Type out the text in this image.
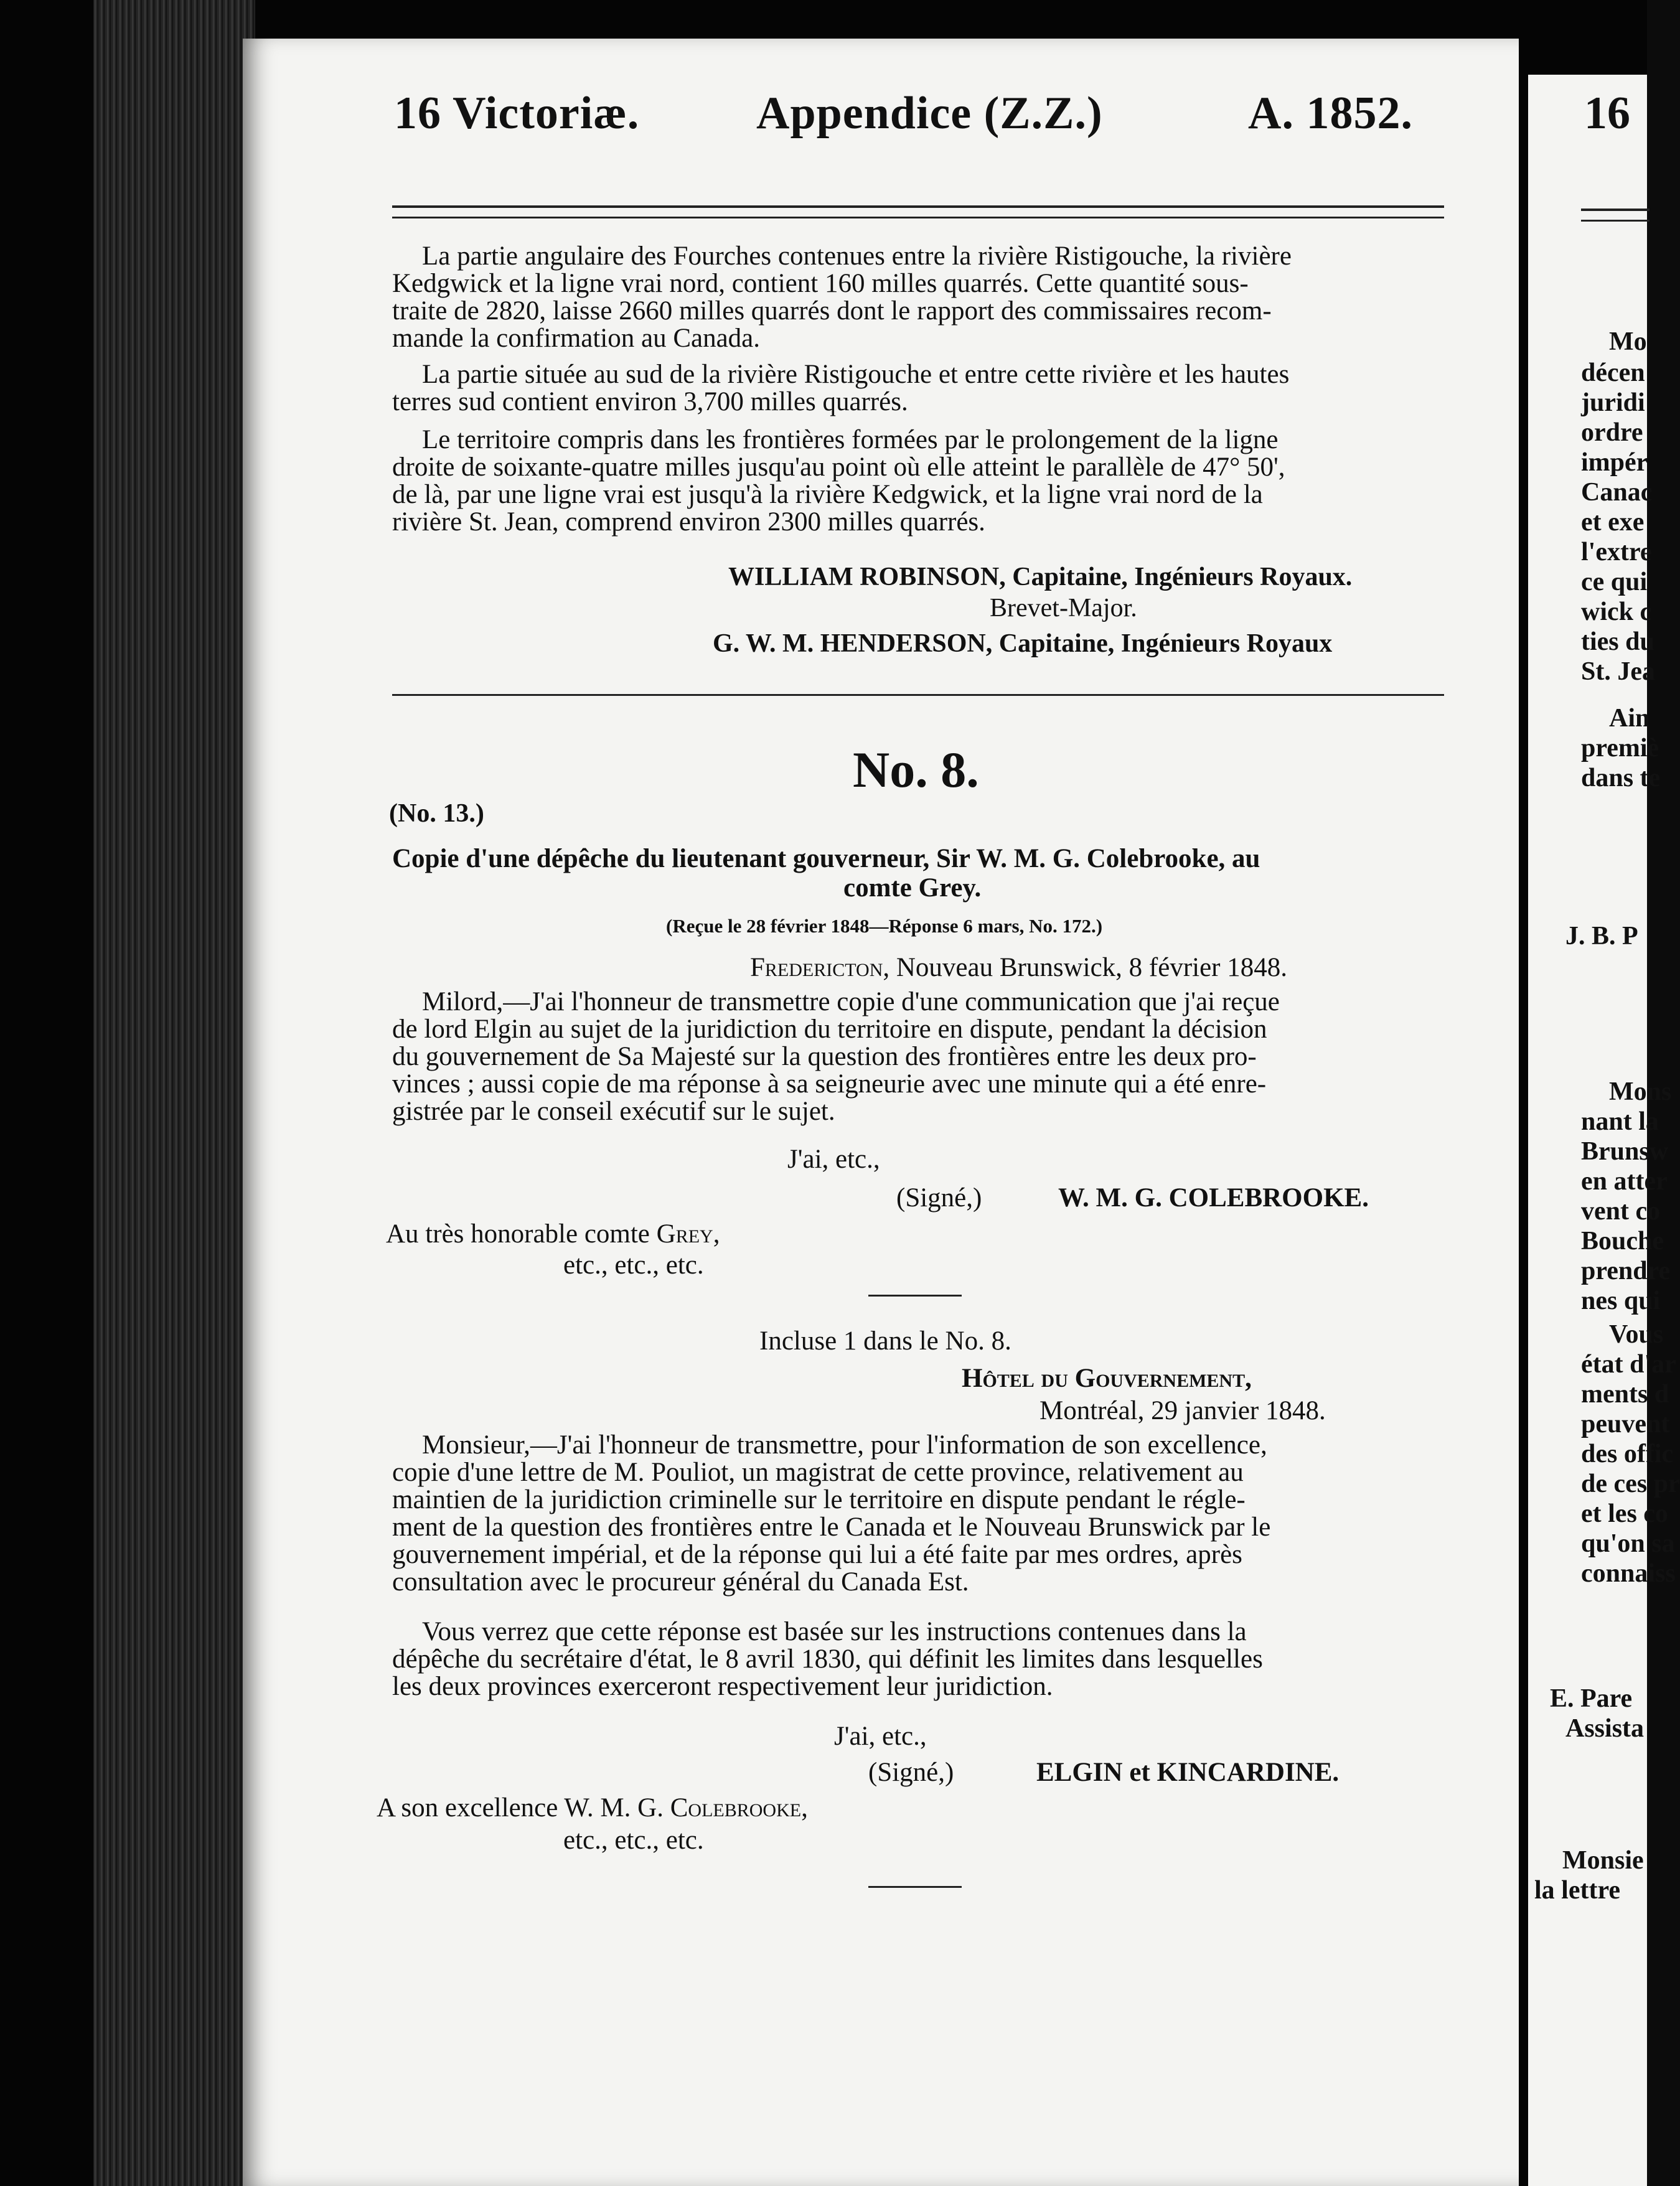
16 Victoriæ.	Appendice (Z.Z.)	A. 1852.
La partie angulaire des Fourches contenues entre la rivière Ristigouche, la rivière
Kedgwick et la ligne vrai nord, contient 160 milles quarrés. Cette quantité sous-
traite de 2820, laisse 2660 milles quarrés dont le rapport des commissaires recom-
mande la confirmation au Canada.
La partie située au sud de la rivière Ristigouche et entre cette rivière et les hautes
terres sud contient environ 3,700 milles quarrés.
Le territoire compris dans les frontières formées par le prolongement de la ligne
droite de soixante-quatre milles jusqu'au point où elle atteint le parallèle de 47° 50',
de là, par une ligne vrai est jusqu'à la rivière Kedgwick, et la ligne vrai nord de la
rivière St. Jean, comprend environ 2300 milles quarrés.
WILLIAM ROBINSON, Capitaine, Ingénieurs Royaux.
Brevet-Major.
G. W. M. HENDERSON, Capitaine, Ingénieurs Royaux
No. 8.
(No. 13.)
Copie d'une dépêche du lieutenant gouverneur, Sir W. M. G. Colebrooke, au
comte Grey.
(Reçue le 28 février 1848—Réponse 6 mars, No. 172.)
Fredericton, Nouveau Brunswick, 8 février 1848.
Milord,—J'ai l'honneur de transmettre copie d'une communication que j'ai reçue
de lord Elgin au sujet de la juridiction du territoire en dispute, pendant la décision
du gouvernement de Sa Majesté sur la question des frontières entre les deux pro-
vinces ; aussi copie de ma réponse à sa seigneurie avec une minute qui a été enre-
gistrée par le conseil exécutif sur le sujet.
J'ai, etc.,
(Signé,)	W. M. G. COLEBROOKE.
Au très honorable comte Grey,
etc., etc., etc.
Incluse 1 dans le No. 8.
Hôtel du Gouvernement,
Montréal, 29 janvier 1848.
Monsieur,—J'ai l'honneur de transmettre, pour l'information de son excellence,
copie d'une lettre de M. Pouliot, un magistrat de cette province, relativement au
maintien de la juridiction criminelle sur le territoire en dispute pendant le régle-
ment de la question des frontières entre le Canada et le Nouveau Brunswick par le
gouvernement impérial, et de la réponse qui lui a été faite par mes ordres, après
consultation avec le procureur général du Canada Est.
Vous verrez que cette réponse est basée sur les instructions contenues dans la
dépêche du secrétaire d'état, le 8 avril 1830, qui définit les limites dans lesquelles
les deux provinces exerceront respectivement leur juridiction.
J'ai, etc.,
(Signé,)	ELGIN et KINCARDINE.
A son excellence W. M. G. Colebrooke,
etc., etc., etc.
16
Mo
décen
juridi
ordre
impér
Canac
et exe
l'extre
ce qui
wick c
ties du
St. Jea
Ain
premiè
dans te
J. B. P
Mons
nant la
Brunsw
en atter
vent co
Bouche
prendre
nes qui
Vous
état d'ar
ments d
peuvent
des offic
de ces pr
et les co
qu'on sa
connaiss
E. Pare
Assista
Monsie
la lettre
